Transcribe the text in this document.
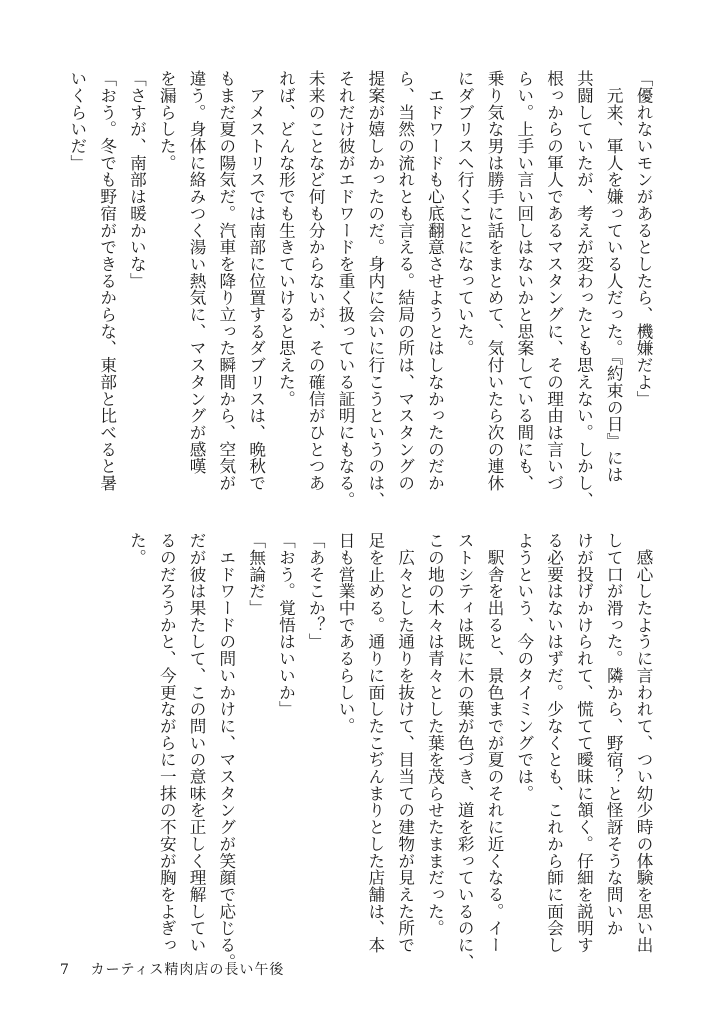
「優れないモンがあるとしたら、機嫌だよ」

　元来、軍人を嫌っている人だった。『約束の日』には

共闘していたが、考えが変わったとも思えない。しかし、

根っからの軍人であるマスタングに、その理由は言いづ

らい。上手い言い回しはないかと思案している間にも、

乗り気な男は勝手に話をまとめて、気付いたら次の連休

にダブリスへ行くことになっていた。

　エドワードも心底翻意させようとはしなかったのだか

ら、当然の流れとも言える。結局の所は、マスタングの

提案が嬉しかったのだ。身内に会いに行こうというのは、

それだけ彼がエドワードを重く扱っている証明にもなる。

未来のことなど何も分からないが、その確信がひとつあ

れば、どんな形でも生きていけると思えた。

　アメストリスでは南部に位置するダブリスは、晩秋で

もまだ夏の陽気だ。汽車を降り立った瞬間から、空気が

違う。身体に絡みつく湯い熱気に、マスタングが感嘆

を漏らした。

「さすが、南部は暖かいな」

「おう。冬でも野宿ができるからな、東部と比べると暑

いくらいだ」

　感心したように言われて、つい幼少時の体験を思い出

して口が滑った。隣から、野宿？と怪訝そうな問いか

けが投げかけられて、慌てて曖昧に頷く。仔細を説明す

る必要はないはずだ。少なくとも、これから師に面会し

ようという、今のタイミングでは。

　駅舎を出ると、景色までが夏のそれに近くなる。イー

ストシティは既に木の葉が色づき、道を彩っているのに、

この地の木々は青々とした葉を茂らせたままだった。

　広々とした通りを抜けて、目当ての建物が見えた所で

足を止める。通りに面したこぢんまりとした店舗は、本

日も営業中であるらしい。

「あそこか？」

「おう。覚悟はいいか」

「無論だ」

　エドワードの問いかけに、マスタングが笑顔で応じる。

だが彼は果たして、この問いの意味を正しく理解してい

るのだろうかと、今更ながらに一抹の不安が胸をよぎっ

た。

7 カーティス精肉店の長い午後
